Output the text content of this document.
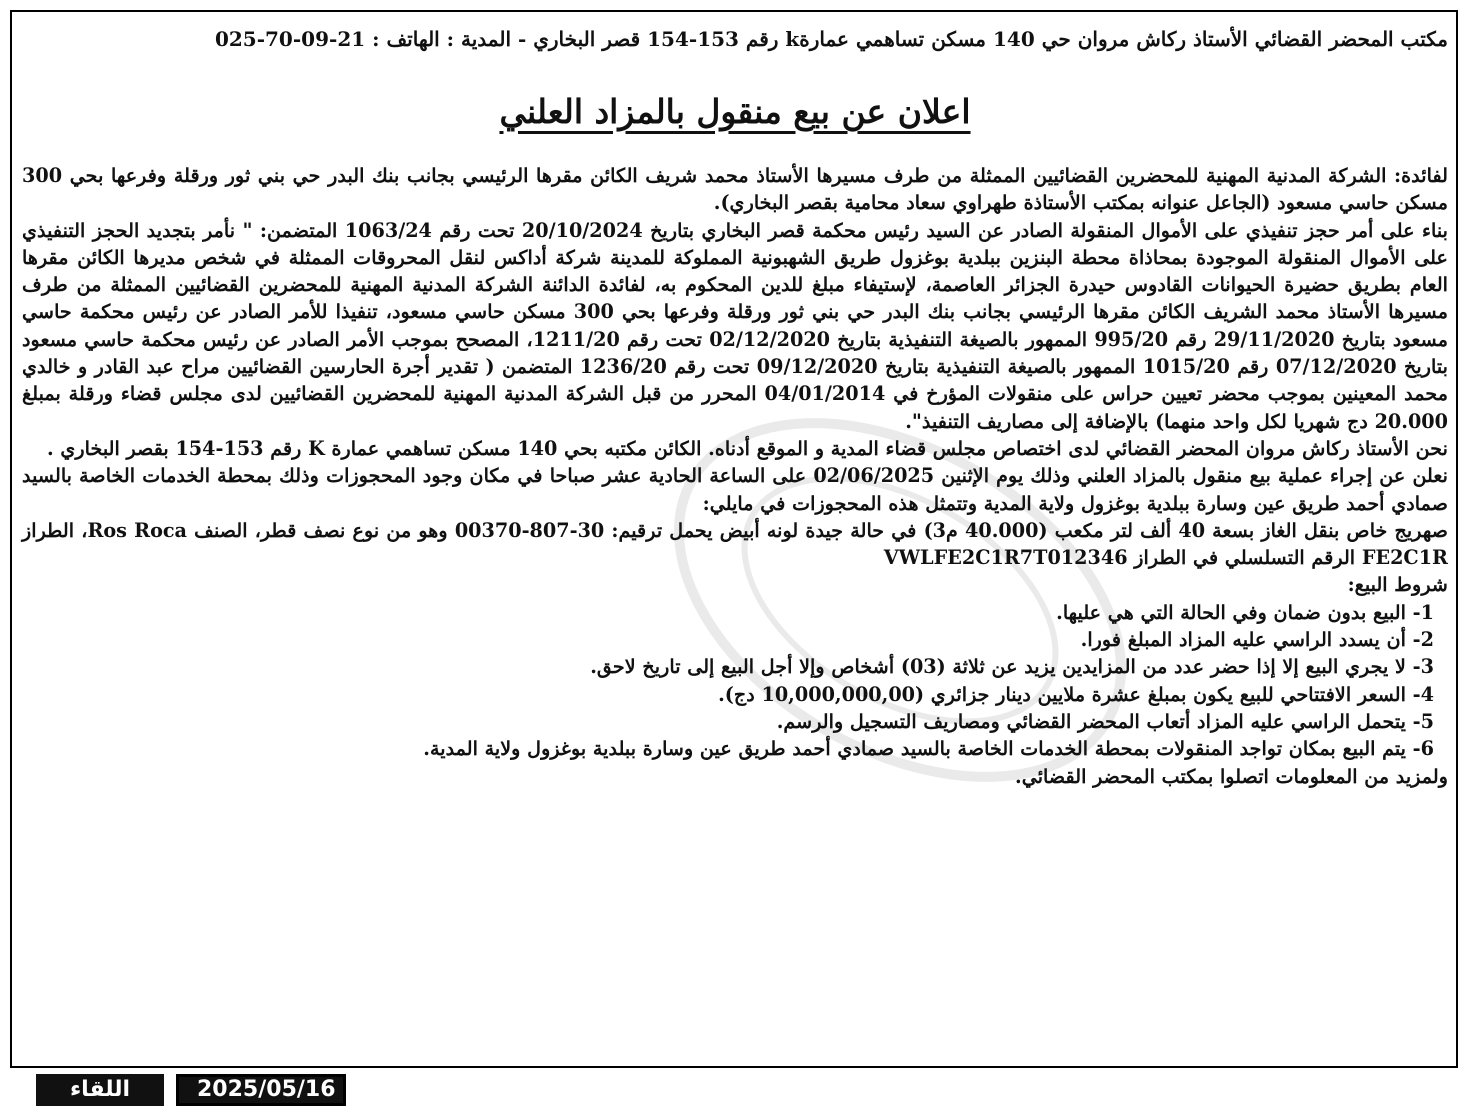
مكتب المحضر القضائي الأستاذ ركاش مروان حي 140 مسكن تساهمي عمارةk رقم 153-154 قصر البخاري - المدية : الهاتف : 21-09-70-025
اعلان عن بيع منقول بالمزاد العلني

لفائدة: الشركة المدنية المهنية للمحضرين القضائيين الممثلة من طرف مسيرها الأستاذ محمد شريف الكائن مقرها الرئيسي بجانب بنك البدر حي بني ثور ورقلة وفرعها بحي 300 مسكن حاسي مسعود (الجاعل عنوانه بمكتب الأستاذة طهراوي سعاد محامية بقصر البخاري).

بناء على أمر حجز تنفيذي على الأموال المنقولة الصادر عن السيد رئيس محكمة قصر البخاري بتاريخ 20/10/2024 تحت رقم 1063/24 المتضمن: " نأمر بتجديد الحجز التنفيذي على الأموال المنقولة الموجودة بمحاذاة محطة البنزين ببلدية بوغزول طريق الشهبونية المملوكة للمدينة شركة أداكس لنقل المحروقات الممثلة في شخص مديرها الكائن مقرها العام بطريق حضيرة الحيوانات القادوس حيدرة الجزائر العاصمة، لإستيفاء مبلغ للدين المحكوم به، لفائدة الدائنة الشركة المدنية المهنية للمحضرين القضائيين الممثلة من طرف مسيرها الأستاذ محمد الشريف الكائن مقرها الرئيسي بجانب بنك البدر حي بني ثور ورقلة وفرعها بحي 300 مسكن حاسي مسعود، تنفيذا للأمر الصادر عن رئيس محكمة حاسي مسعود بتاريخ 29/11/2020 رقم 995/20 الممهور بالصيغة التنفيذية بتاريخ 02/12/2020 تحت رقم 1211/20، المصحح بموجب الأمر الصادر عن رئيس محكمة حاسي مسعود بتاريخ 07/12/2020 رقم 1015/20 الممهور بالصيغة التنفيذية بتاريخ 09/12/2020 تحت رقم 1236/20 المتضمن ( تقدير أجرة الحارسين القضائيين مراح عبد القادر و خالدي محمد المعينين بموجب محضر تعيين حراس على منقولات المؤرخ في 04/01/2014 المحرر من قبل الشركة المدنية المهنية للمحضرين القضائيين لدى مجلس قضاء ورقلة بمبلغ 20.000 دج شهريا لكل واحد منهما) بالإضافة إلى مصاريف التنفيذ".

نحن الأستاذ ركاش مروان المحضر القضائي لدى اختصاص مجلس قضاء المدية و الموقع أدناه. الكائن مكتبه بحي 140 مسكن تساهمي عمارة K رقم 153-154 بقصر البخاري .

نعلن عن إجراء عملية بيع منقول بالمزاد العلني وذلك يوم الإثنين 02/06/2025 على الساعة الحادية عشر صباحا في مكان وجود المحجوزات وذلك بمحطة الخدمات الخاصة بالسيد صمادي أحمد طريق عين وسارة ببلدية بوغزول ولاية المدية وتتمثل هذه المحجوزات في مايلي:

صهريج خاص بنقل الغاز بسعة 40 ألف لتر مكعب (40.000 م3) في حالة جيدة لونه أبيض يحمل ترقيم: 30-807-00370 وهو من نوع نصف قطر، الصنف Ros Roca، الطراز FE2C1R الرقم التسلسلي في الطراز VWLFE2C1R7T012346

شروط البيع:

1- البيع بدون ضمان وفي الحالة التي هي عليها.

2- أن يسدد الراسي عليه المزاد المبلغ فورا.

3- لا يجري البيع إلا إذا حضر عدد من المزايدين يزيد عن ثلاثة (03) أشخاص وإلا أجل البيع إلى تاريخ لاحق.

4- السعر الافتتاحي للبيع يكون بمبلغ عشرة ملايين دينار جزائري (10,000,000,00 دج).

5- يتحمل الراسي عليه المزاد أتعاب المحضر القضائي ومصاريف التسجيل والرسم.

6- يتم البيع بمكان تواجد المنقولات بمحطة الخدمات الخاصة بالسيد صمادي أحمد طريق عين وسارة ببلدية بوغزول ولاية المدية.

ولمزيد من المعلومات اتصلوا بمكتب المحضر القضائي.

اللقاء	2025/05/16
